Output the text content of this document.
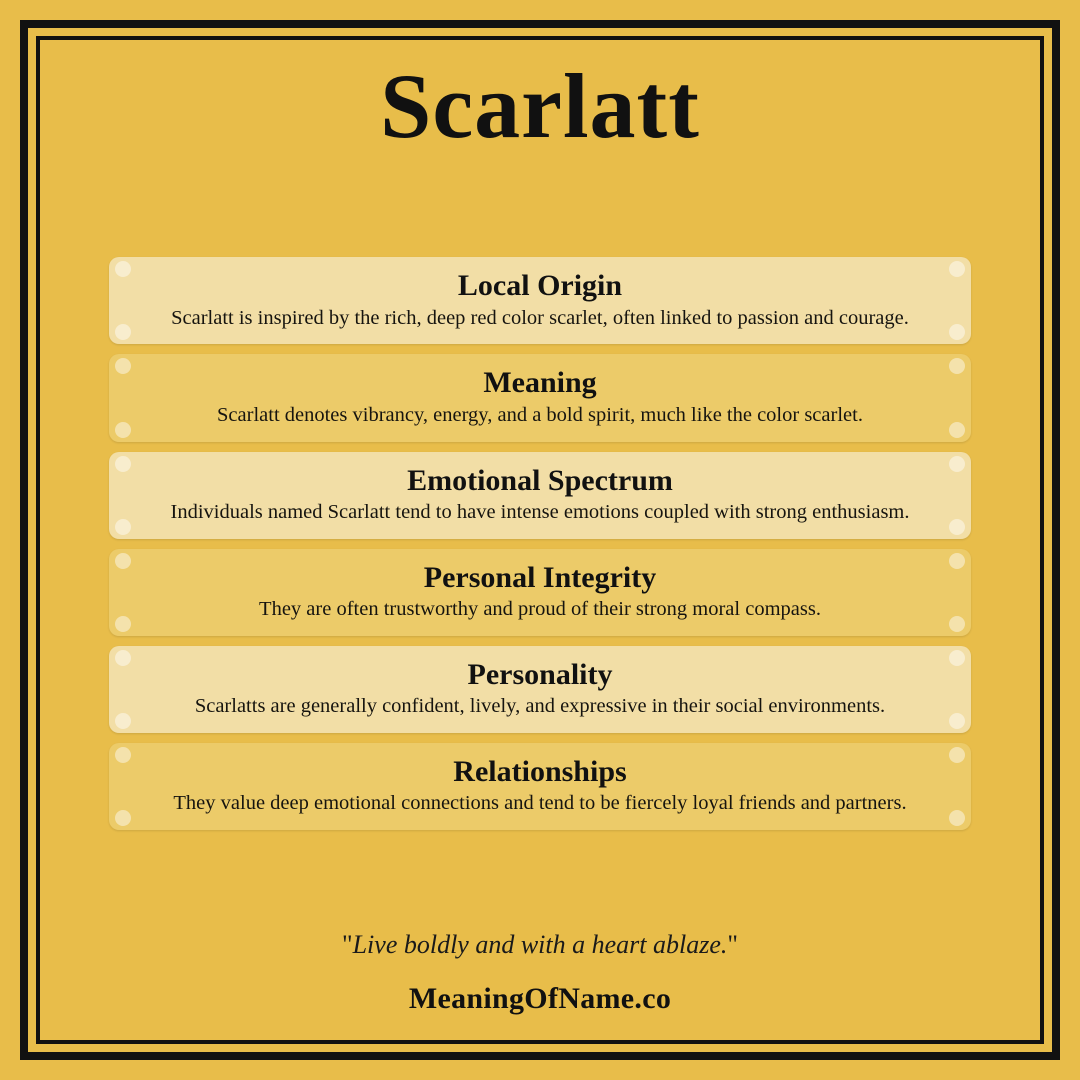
Scarlatt
Local Origin

Scarlatt is inspired by the rich, deep red color scarlet, often linked to passion and courage.

Meaning

Scarlatt denotes vibrancy, energy, and a bold spirit, much like the color scarlet.

Emotional Spectrum

Individuals named Scarlatt tend to have intense emotions coupled with strong enthusiasm.

Personal Integrity

They are often trustworthy and proud of their strong moral compass.

Personality

Scarlatts are generally confident, lively, and expressive in their social environments.

Relationships

They value deep emotional connections and tend to be fiercely loyal friends and partners.

"Live boldly and with a heart ablaze."
MeaningOfName.co
